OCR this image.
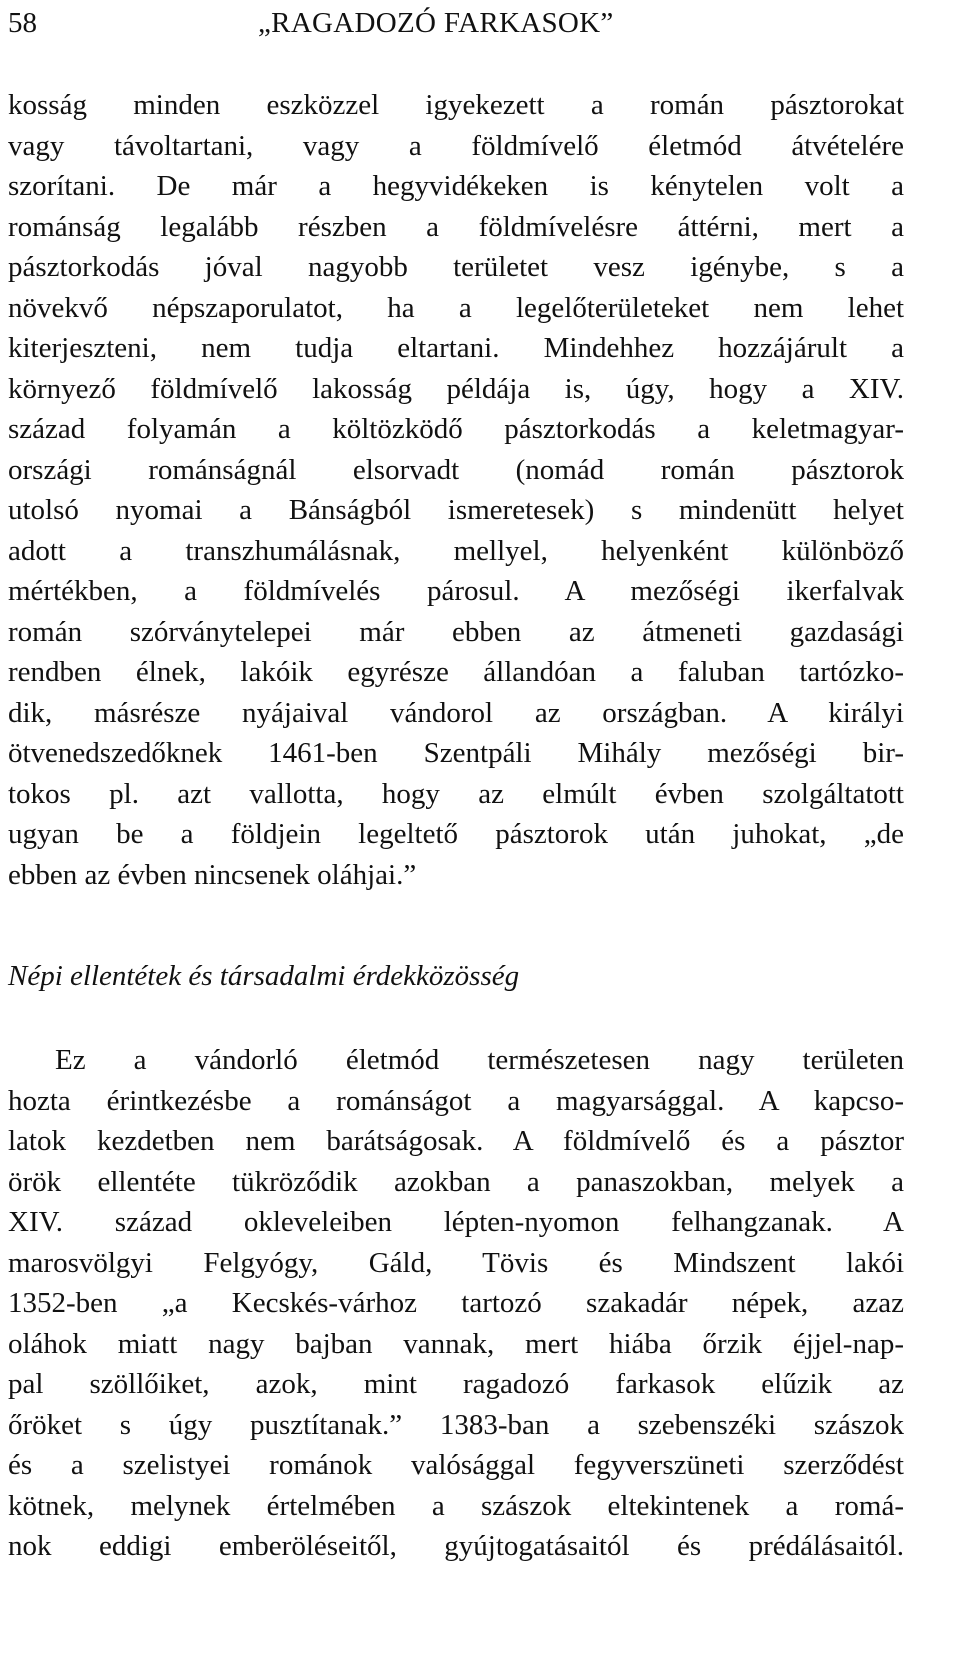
58	„RAGADOZÓ FARKASOK”
kosság minden eszközzel igyekezett a román pásztorokat
vagy távoltartani, vagy a földmívelő életmód átvételére
szorítani. De már a hegyvidékeken is kénytelen volt a
románság legalább részben a földmívelésre áttérni, mert a
pásztorkodás jóval nagyobb területet vesz igénybe, s a
növekvő népszaporulatot, ha a legelőterületeket nem lehet
kiterjeszteni, nem tudja eltartani. Mindehhez hozzájárult a
környező földmívelő lakosság példája is, úgy, hogy a XIV.
század folyamán a költözködő pásztorkodás a keletmagyar-
országi románságnál elsorvadt (nomád román pásztorok
utolsó nyomai a Bánságból ismeretesek) s mindenütt helyet
adott a transzhumálásnak, mellyel, helyenként különböző
mértékben, a földmívelés párosul. A mezőségi ikerfalvak
román szórványtelepei már ebben az átmeneti gazdasági
rendben élnek, lakóik egyrésze állandóan a faluban tartózko-
dik, másrésze nyájaival vándorol az országban. A királyi
ötvenedszedőknek 1461-ben Szentpáli Mihály mezőségi bir-
tokos pl. azt vallotta, hogy az elmúlt évben szolgáltatott
ugyan be a földjein legeltető pásztorok után juhokat, „de
ebben az évben nincsenek oláhjai.”
Népi ellentétek és társadalmi érdekközösség
Ez a vándorló életmód természetesen nagy területen
hozta érintkezésbe a románságot a magyarsággal. A kapcso-
latok kezdetben nem barátságosak. A földmívelő és a pásztor
örök ellentéte tükröződik azokban a panaszokban, melyek a
XIV. század okleveleiben lépten-nyomon felhangzanak. A
marosvölgyi Felgyógy, Gáld, Tövis és Mindszent lakói
1352-ben „a Kecskés-várhoz tartozó szakadár népek, azaz
oláhok miatt nagy bajban vannak, mert hiába őrzik éjjel-nap-
pal szöllőiket, azok, mint ragadozó farkasok elűzik az
őröket s úgy pusztítanak.” 1383-ban a szebenszéki szászok
és a szelistyei románok valósággal fegyverszüneti szerződést
kötnek, melynek értelmében a szászok eltekintenek a romá-
nok eddigi emberöléseitől, gyújtogatásaitól és prédálásaitól.
